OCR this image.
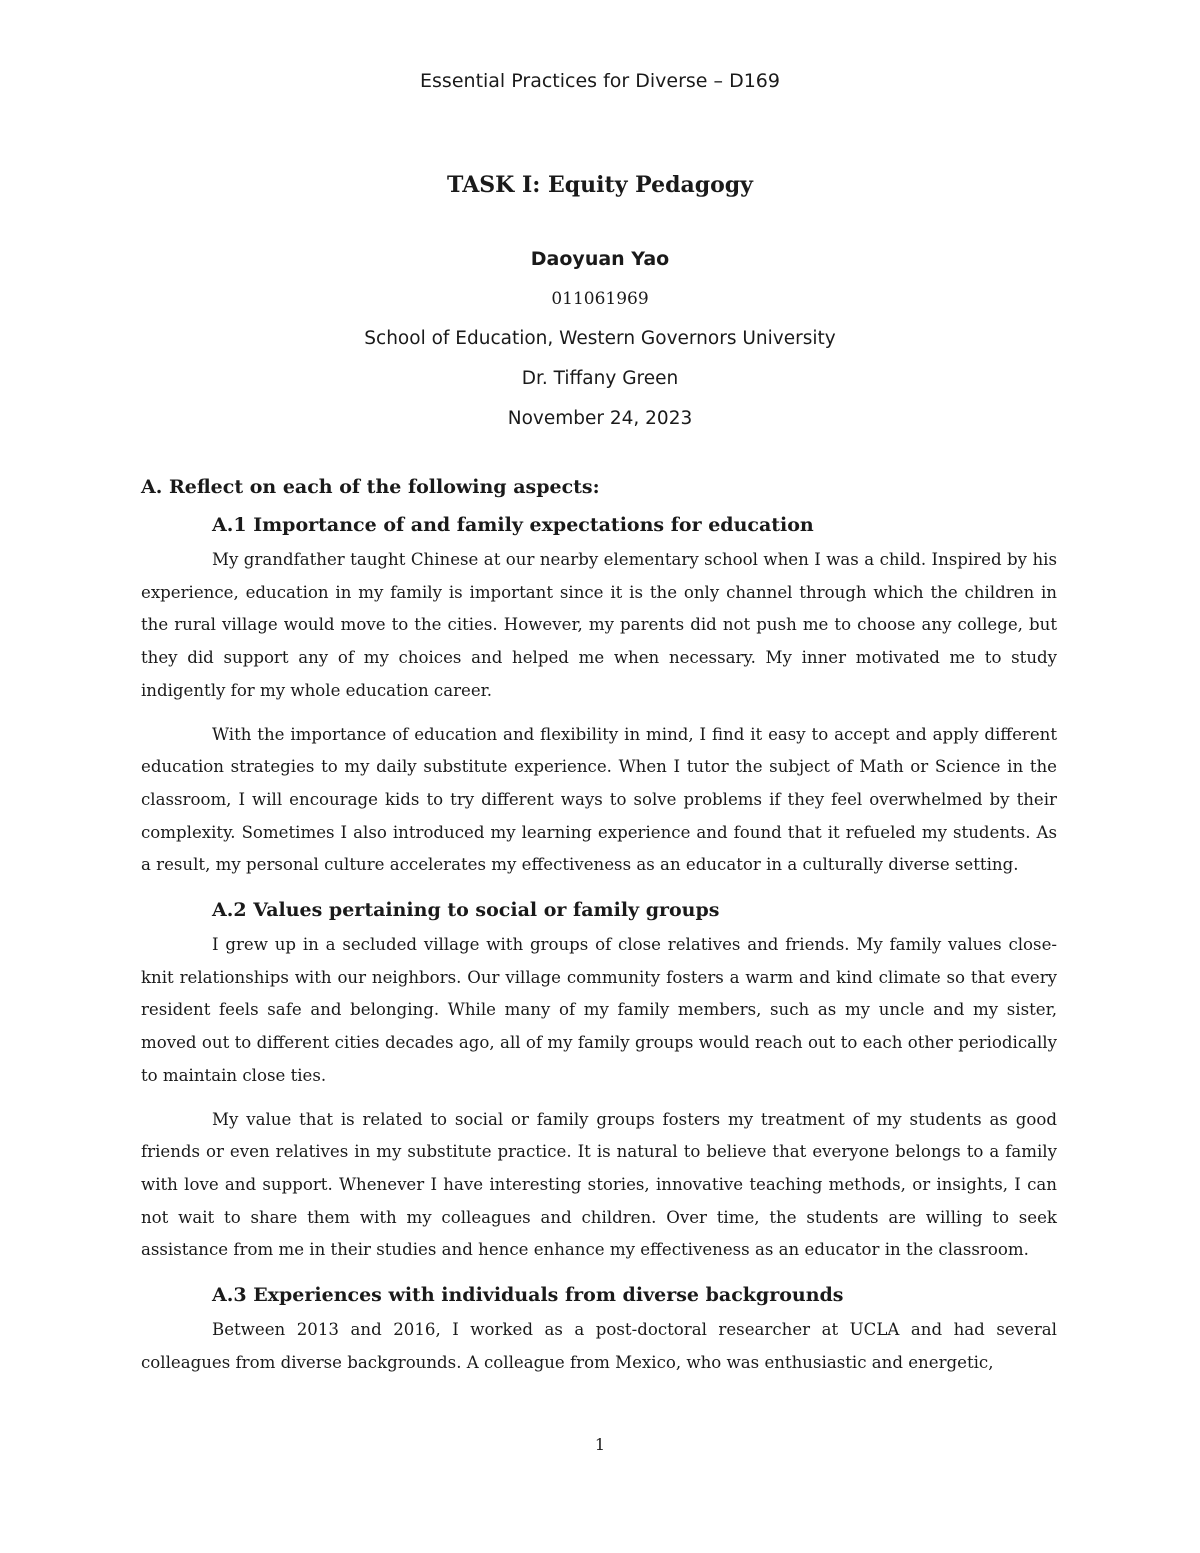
Essential Practices for Diverse – D169
TASK I: Equity Pedagogy
Daoyuan Yao
011061969
School of Education, Western Governors University
Dr. Tiffany Green
November 24, 2023
A. Reflect on each of the following aspects:
A.1 Importance of and family expectations for education

My grandfather taught Chinese at our nearby elementary school when I was a child. Inspired by his experience, education in my family is important since it is the only channel through which the children in the rural village would move to the cities. However, my parents did not push me to choose any college, but they did support any of my choices and helped me when necessary. My inner motivated me to study indigently for my whole education career.

With the importance of education and flexibility in mind, I find it easy to accept and apply different education strategies to my daily substitute experience. When I tutor the subject of Math or Science in the classroom, I will encourage kids to try different ways to solve problems if they feel overwhelmed by their complexity. Sometimes I also introduced my learning experience and found that it refueled my students. As a result, my personal culture accelerates my effectiveness as an educator in a culturally diverse setting.

A.2 Values pertaining to social or family groups

I grew up in a secluded village with groups of close relatives and friends. My family values close-knit relationships with our neighbors. Our village community fosters a warm and kind climate so that every resident feels safe and belonging. While many of my family members, such as my uncle and my sister, moved out to different cities decades ago, all of my family groups would reach out to each other periodically to maintain close ties.

My value that is related to social or family groups fosters my treatment of my students as good friends or even relatives in my substitute practice. It is natural to believe that everyone belongs to a family with love and support. Whenever I have interesting stories, innovative teaching methods, or insights, I can not wait to share them with my colleagues and children. Over time, the students are willing to seek assistance from me in their studies and hence enhance my effectiveness as an educator in the classroom.

A.3 Experiences with individuals from diverse backgrounds

Between 2013 and 2016, I worked as a post-doctoral researcher at UCLA and had several colleagues from diverse backgrounds. A colleague from Mexico, who was enthusiastic and energetic,

1
